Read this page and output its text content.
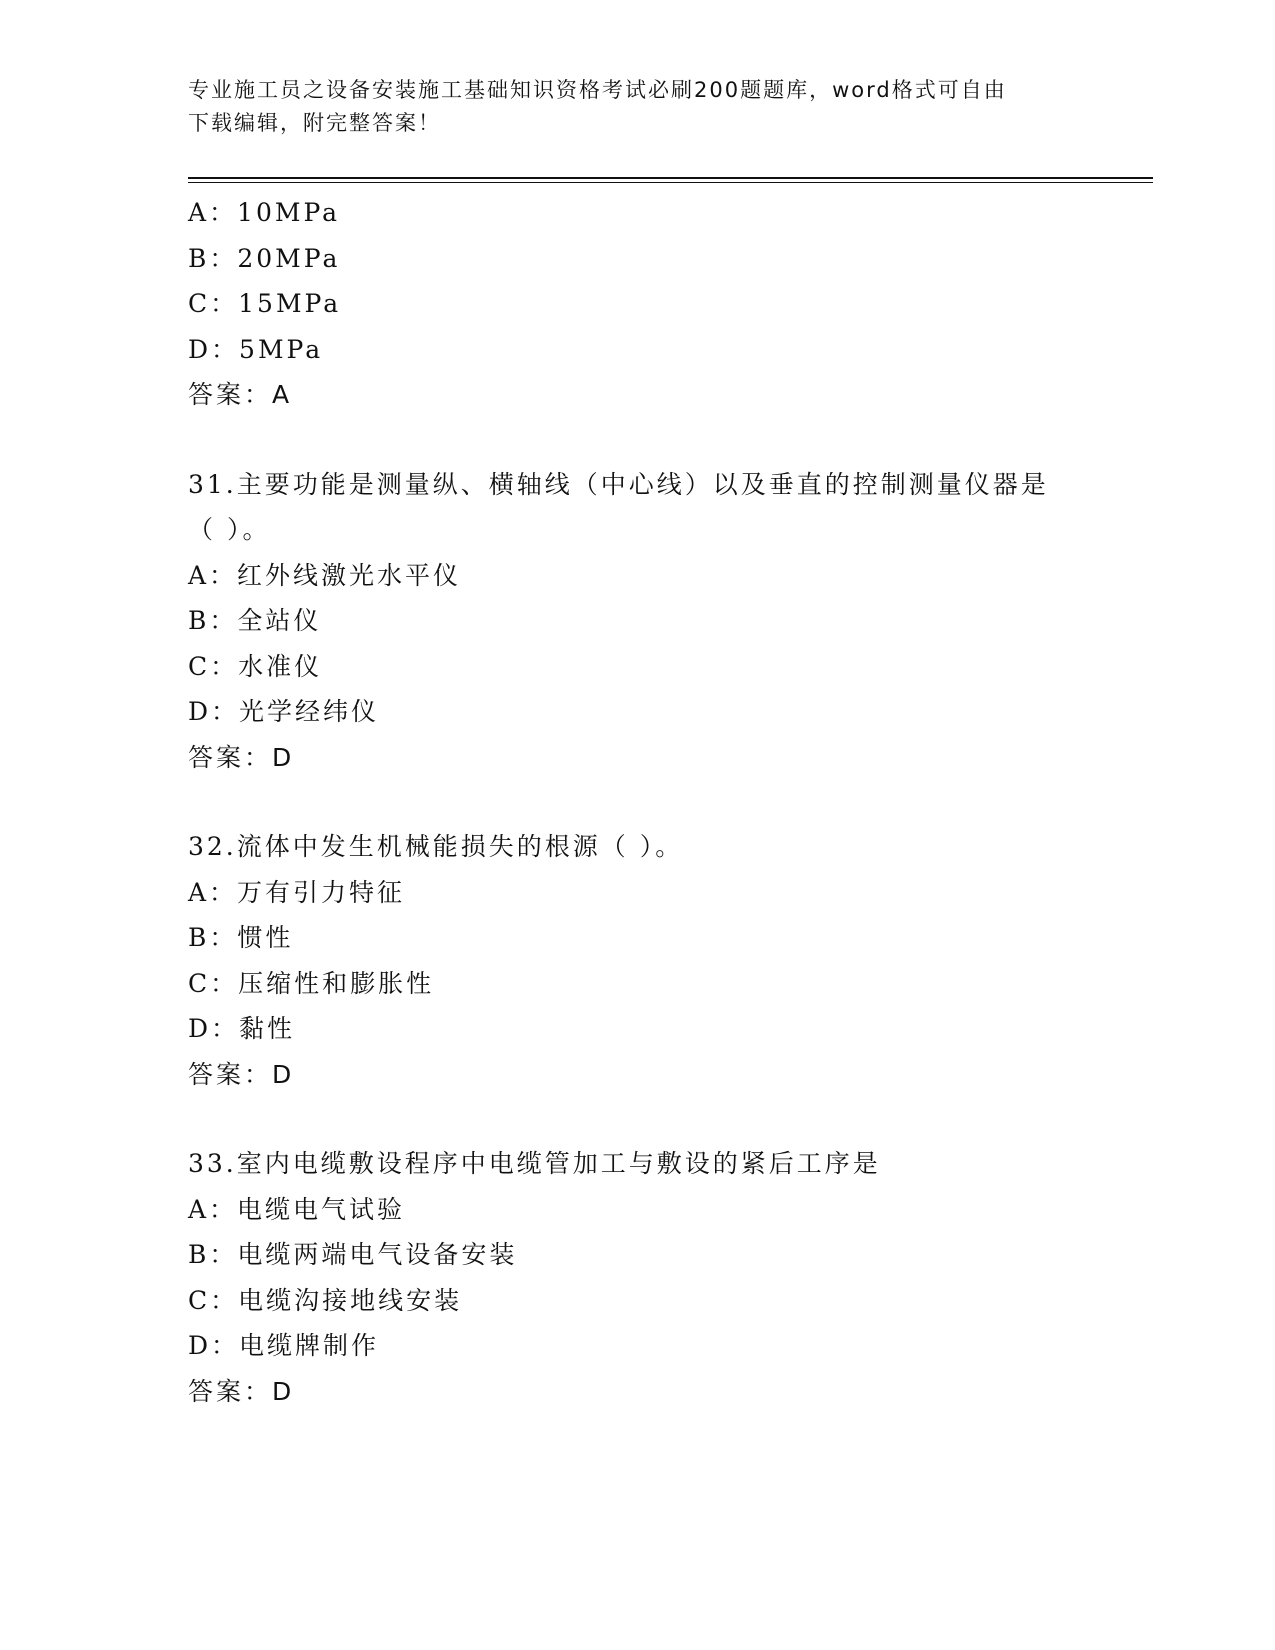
专业施工员之设备安装施工基础知识资格考试必刷200题题库，word格式可自由
下载编辑，附完整答案！
A：10MPa
B：20MPa
C：15MPa
D：5MPa
答案：A
31.主要功能是测量纵、横轴线（中心线）以及垂直的控制测量仪器是
（ ）。
A：红外线激光水平仪
B：全站仪
C：水准仪
D：光学经纬仪
答案：D
32.流体中发生机械能损失的根源（ ）。
A：万有引力特征
B：惯性
C：压缩性和膨胀性
D：黏性
答案：D
33.室内电缆敷设程序中电缆管加工与敷设的紧后工序是
A：电缆电气试验
B：电缆两端电气设备安装
C：电缆沟接地线安装
D：电缆牌制作
答案：D
